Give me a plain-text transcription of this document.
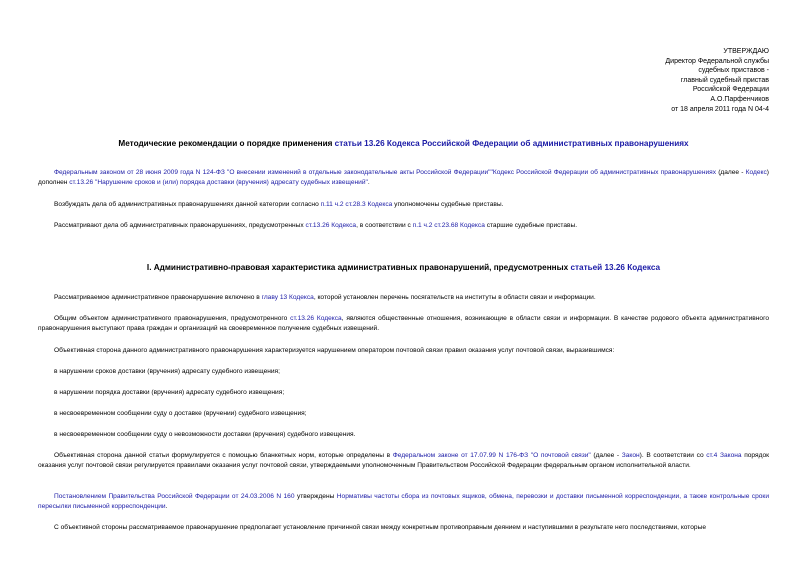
УТВЕРЖДАЮ
Директор Федеральной службы
судебных приставов -
главный судебный пристав
Российской Федерации
А.О.Парфенчиков
от 18 апреля 2011 года N 04-4
Методические рекомендации о порядке применения статьи 13.26 Кодекса Российской Федерации об административных правонарушениях
Федеральным законом от 28 июня 2009 года N 124-ФЗ "О внесении изменений в отдельные законодательные акты Российской Федерации""Кодекс Российской Федерации об административных правонарушениях (далее - Кодекс) дополнен ст.13.26 "Нарушение сроков и (или) порядка доставки (вручения) адресату судебных извещений".
Возбуждать дела об административных правонарушениях данной категории согласно п.11 ч.2 ст.28.3 Кодекса уполномочены судебные приставы.
Рассматривают дела об административных правонарушениях, предусмотренных ст.13.26 Кодекса, в соответствии с п.1 ч.2 ст.23.68 Кодекса старшие судебные приставы.
I. Административно-правовая характеристика административных правонарушений, предусмотренных статьей 13.26 Кодекса
Рассматриваемое административное правонарушение включено в главу 13 Кодекса, которой установлен перечень посягательств на институты в области связи и информации.
Общим объектом административного правонарушения, предусмотренного ст.13.26 Кодекса, являются общественные отношения, возникающие в области связи и информации. В качестве родового объекта административного правонарушения выступают права граждан и организаций на своевременное получение судебных извещений.
Объективная сторона данного административного правонарушения характеризуется нарушением оператором почтовой связи правил оказания услуг почтовой связи, выразившимся:
в нарушении сроков доставки (вручения) адресату судебного извещения;
в нарушении порядка доставки (вручения) адресату судебного извещения;
в несвоевременном сообщении суду о доставке (вручении) судебного извещения;
в несвоевременном сообщении суду о невозможности доставки (вручения) судебного извещения.
Объективная сторона данной статьи формулируется с помощью бланкетных норм, которые определены в Федеральном законе от 17.07.99 N 176-ФЗ "О почтовой связи" (далее - Закон). В соответствии со ст.4 Закона порядок оказания услуг почтовой связи регулируется правилами оказания услуг почтовой связи, утверждаемыми уполномоченным Правительством Российской Федерации федеральным органом исполнительной власти.
Постановлением Правительства Российской Федерации от 24.03.2006 N 160 утверждены Нормативы частоты сбора из почтовых ящиков, обмена, перевозки и доставки письменной корреспонденции, а также контрольные сроки пересылки письменной корреспонденции.
С объективной стороны рассматриваемое правонарушение предполагает установление причинной связи между конкретным противоправным деянием и наступившими в результате него последствиями, которые
